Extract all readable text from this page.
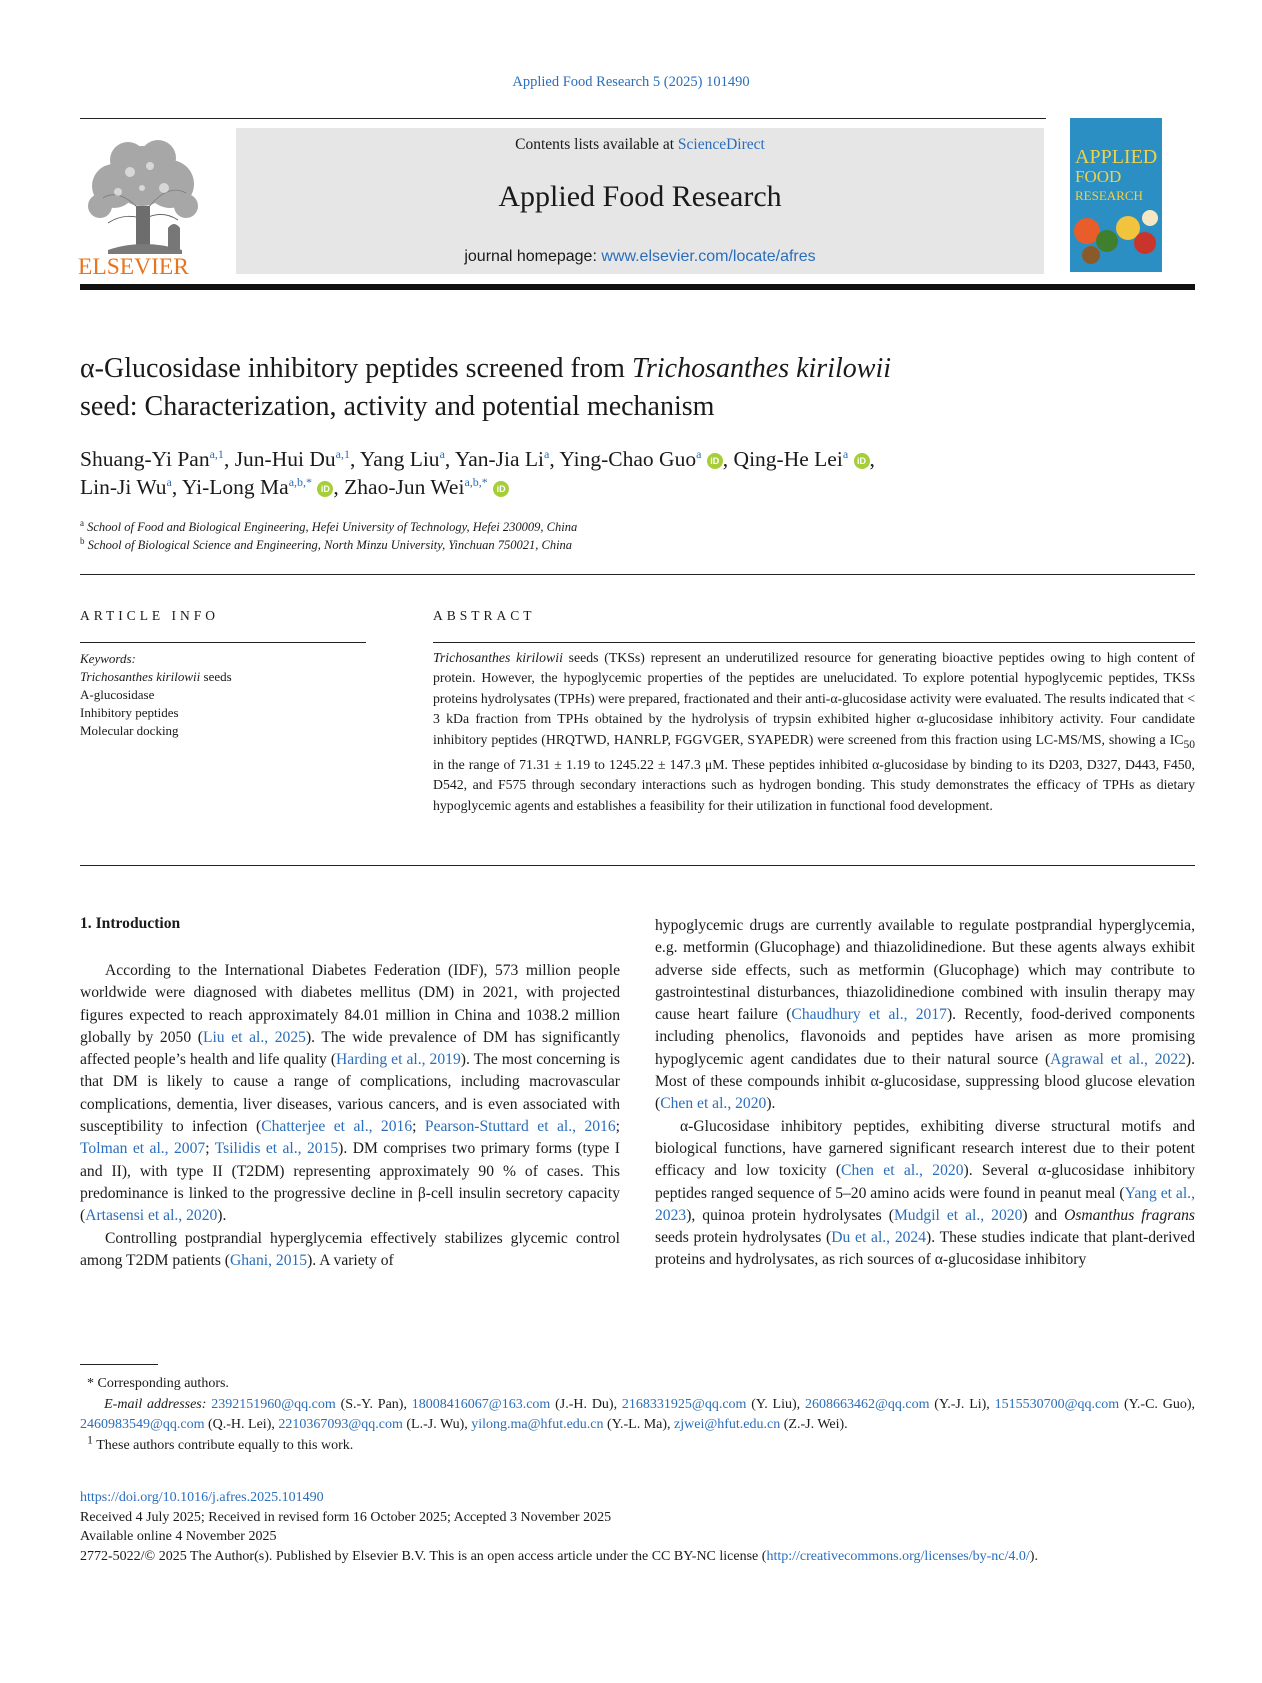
Applied Food Research 5 (2025) 101490
ELSEVIER
Contents lists available at ScienceDirect
Applied Food Research
journal homepage: www.elsevier.com/locate/afres
APPLIED
FOOD
RESEARCH
α-Glucosidase inhibitory peptides screened from Trichosanthes kirilowii
seed: Characterization, activity and potential mechanism
Shuang-Yi Pan$^{a,1}$, Jun-Hui Du$^{a,1}$, Yang Liu$^a$, Yan-Jia Li$^a$, Ying-Chao Guo$^a$ iD , Qing-He Lei$^a$ iD ,
Lin-Ji Wu$^a$, Yi-Long $Ma^{a,b,*}$ iD , Zhao-Jun Wei$^{a,b,*}$ iD
$^a$ School of Food and Biological Engineering, Hefei University of Technology, Hefei 230009, China
$^b$ School of Biological Science and Engineering, North Minzu University, Yinchuan 750021, China
ARTICLE INFO
Keywords:
Trichosanthes kirilowii seeds
A-glucosidase
Inhibitory peptides
Molecular docking
ABSTRACT

Trichosanthes kirilowii seeds (TKSs) represent an underutilized resource for generating bioactive peptides owing to high content of protein. However, the hypoglycemic properties of the peptides are unelucidated. To explore potential hypoglycemic peptides, TKSs proteins hydrolysates (TPHs) were prepared, fractionated and their anti-α-glucosidase activity were evaluated. The results indicated that < 3 kDa fraction from TPHs obtained by the hydrolysis of trypsin exhibited higher α-glucosidase inhibitory activity. Four candidate inhibitory peptides (HRQTWD, HANRLP, FGGVGER, SYAPEDR) were screened from this fraction using LC-MS/MS, showing a $IC_{50}$ in the range of 71.31 ± 1.19 to 1245.22 ± 147.3 μM. These peptides inhibited α-glucosidase by binding to its D203, D327, D443, F450, D542, and F575 through secondary interactions such as hydrogen bonding. This study demonstrates the efficacy of TPHs as dietary hypoglycemic agents and establishes a feasibility for their utilization in functional food development.

1. Introduction

According to the International Diabetes Federation (IDF), 573 million people worldwide were diagnosed with diabetes mellitus (DM) in 2021, with projected figures expected to reach approximately 84.01 million in China and 1038.2 million globally by 2050 (Liu et al., 2025). The wide prevalence of DM has significantly affected people’s health and life quality (Harding et al., 2019). The most concerning is that DM is likely to cause a range of complications, including macrovascular complications, dementia, liver diseases, various cancers, and is even associated with susceptibility to infection (Chatterjee et al., 2016; Pearson-Stuttard et al., 2016; Tolman et al., 2007; Tsilidis et al., 2015). DM comprises two primary forms (type I and II), with type II (T2DM) representing approximately 90 % of cases. This predominance is linked to the progressive decline in β-cell insulin secretory capacity (Artasensi et al., 2020).

Controlling postprandial hyperglycemia effectively stabilizes glycemic control among T2DM patients (Ghani, 2015). A variety of

hypoglycemic drugs are currently available to regulate postprandial hyperglycemia, e.g. metformin (Glucophage) and thiazolidinedione. But these agents always exhibit adverse side effects, such as metformin (Glucophage) which may contribute to gastrointestinal disturbances, thiazolidinedione combined with insulin therapy may cause heart failure (Chaudhury et al., 2017). Recently, food-derived components including phenolics, flavonoids and peptides have arisen as more promising hypoglycemic agent candidates due to their natural source (Agrawal et al., 2022). Most of these compounds inhibit α-glucosidase, suppressing blood glucose elevation (Chen et al., 2020).

α-Glucosidase inhibitory peptides, exhibiting diverse structural motifs and biological functions, have garnered significant research interest due to their potent efficacy and low toxicity (Chen et al., 2020). Several α-glucosidase inhibitory peptides ranged sequence of 5–20 amino acids were found in peanut meal (Yang et al., 2023), quinoa protein hydrolysates (Mudgil et al., 2020) and Osmanthus fragrans seeds protein hydrolysates (Du et al., 2024). These studies indicate that plant-derived proteins and hydrolysates, as rich sources of α-glucosidase inhibitory

* Corresponding authors.

E-mail addresses: 2392151960@qq.com (S.-Y. Pan), 18008416067@163.com (J.-H. Du), 2168331925@qq.com (Y. Liu), 2608663462@qq.com (Y.-J. Li), 1515530700@qq.com (Y.-C. Guo), 2460983549@qq.com (Q.-H. Lei), 2210367093@qq.com (L.-J. Wu), yilong.ma@hfut.edu.cn (Y.-L. Ma), zjwei@hfut.edu.cn (Z.-J. Wei).

$^1$ These authors contribute equally to this work.

https://doi.org/10.1016/j.afres.2025.101490

Received 4 July 2025; Received in revised form 16 October 2025; Accepted 3 November 2025

Available online 4 November 2025

2772-5022/© 2025 The Author(s). Published by Elsevier B.V. This is an open access article under the CC BY-NC license (http://creativecommons.org/licenses/by-nc/4.0/).
